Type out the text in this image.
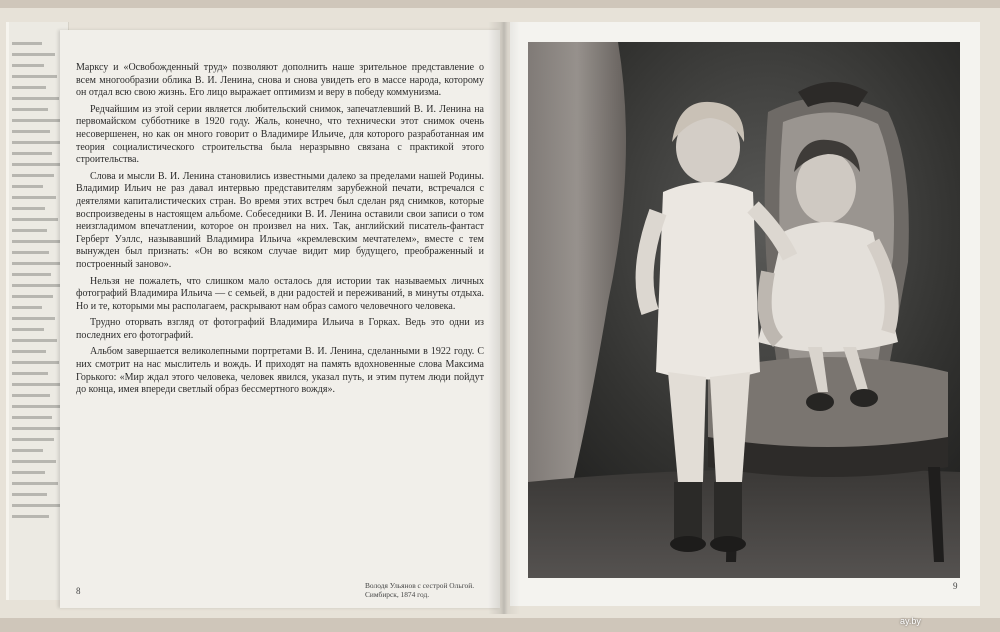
Марксу и «Освобожденный труд» позволяют дополнить наше зрительное представление о всем многообразии облика В. И. Ленина, снова и снова увидеть его в массе народа, которому он отдал всю свою жизнь. Его лицо выражает оптимизм и веру в победу коммунизма.

Редчайшим из этой серии является любительский снимок, запечатлевший В. И. Ленина на первомайском субботнике в 1920 году. Жаль, конечно, что технически этот снимок очень несовершенен, но как он много говорит о Владимире Ильиче, для которого разработанная им теория социалистического строительства была неразрывно связана с практикой этого строительства.

Слова и мысли В. И. Ленина становились известными далеко за пределами нашей Родины. Владимир Ильич не раз давал интервью представителям зарубежной печати, встречался с деятелями капиталистических стран. Во время этих встреч был сделан ряд снимков, которые воспроизведены в настоящем альбоме. Собеседники В. И. Ленина оставили свои записи о том неизгладимом впечатлении, которое он произвел на них. Так, английский писатель-фантаст Герберт Уэллс, называвший Владимира Ильича «кремлевским мечтателем», вместе с тем вынужден был признать: «Он во всяком случае видит мир будущего, преображенный и построенный заново».

Нельзя не пожалеть, что слишком мало осталось для истории так называемых личных фотографий Владимира Ильича — с семьей, в дни радостей и переживаний, в минуты отдыха. Но и те, которыми мы располагаем, раскрывают нам образ самого человечного человека.

Трудно оторвать взгляд от фотографий Владимира Ильича в Горках. Ведь это одни из последних его фотографий.

Альбом завершается великолепными портретами В. И. Ленина, сделанными в 1922 году. С них смотрит на нас мыслитель и вождь. И приходят на память вдохновенные слова Максима Горького: «Мир ждал этого человека, человек явился, указал путь, и этим путем люди пойдут до конца, имея впереди светлый образ бессмертного вождя».

8
Володя Ульянов с сестрой Ольгой.
Симбирск, 1874 год.
9
ay.by
